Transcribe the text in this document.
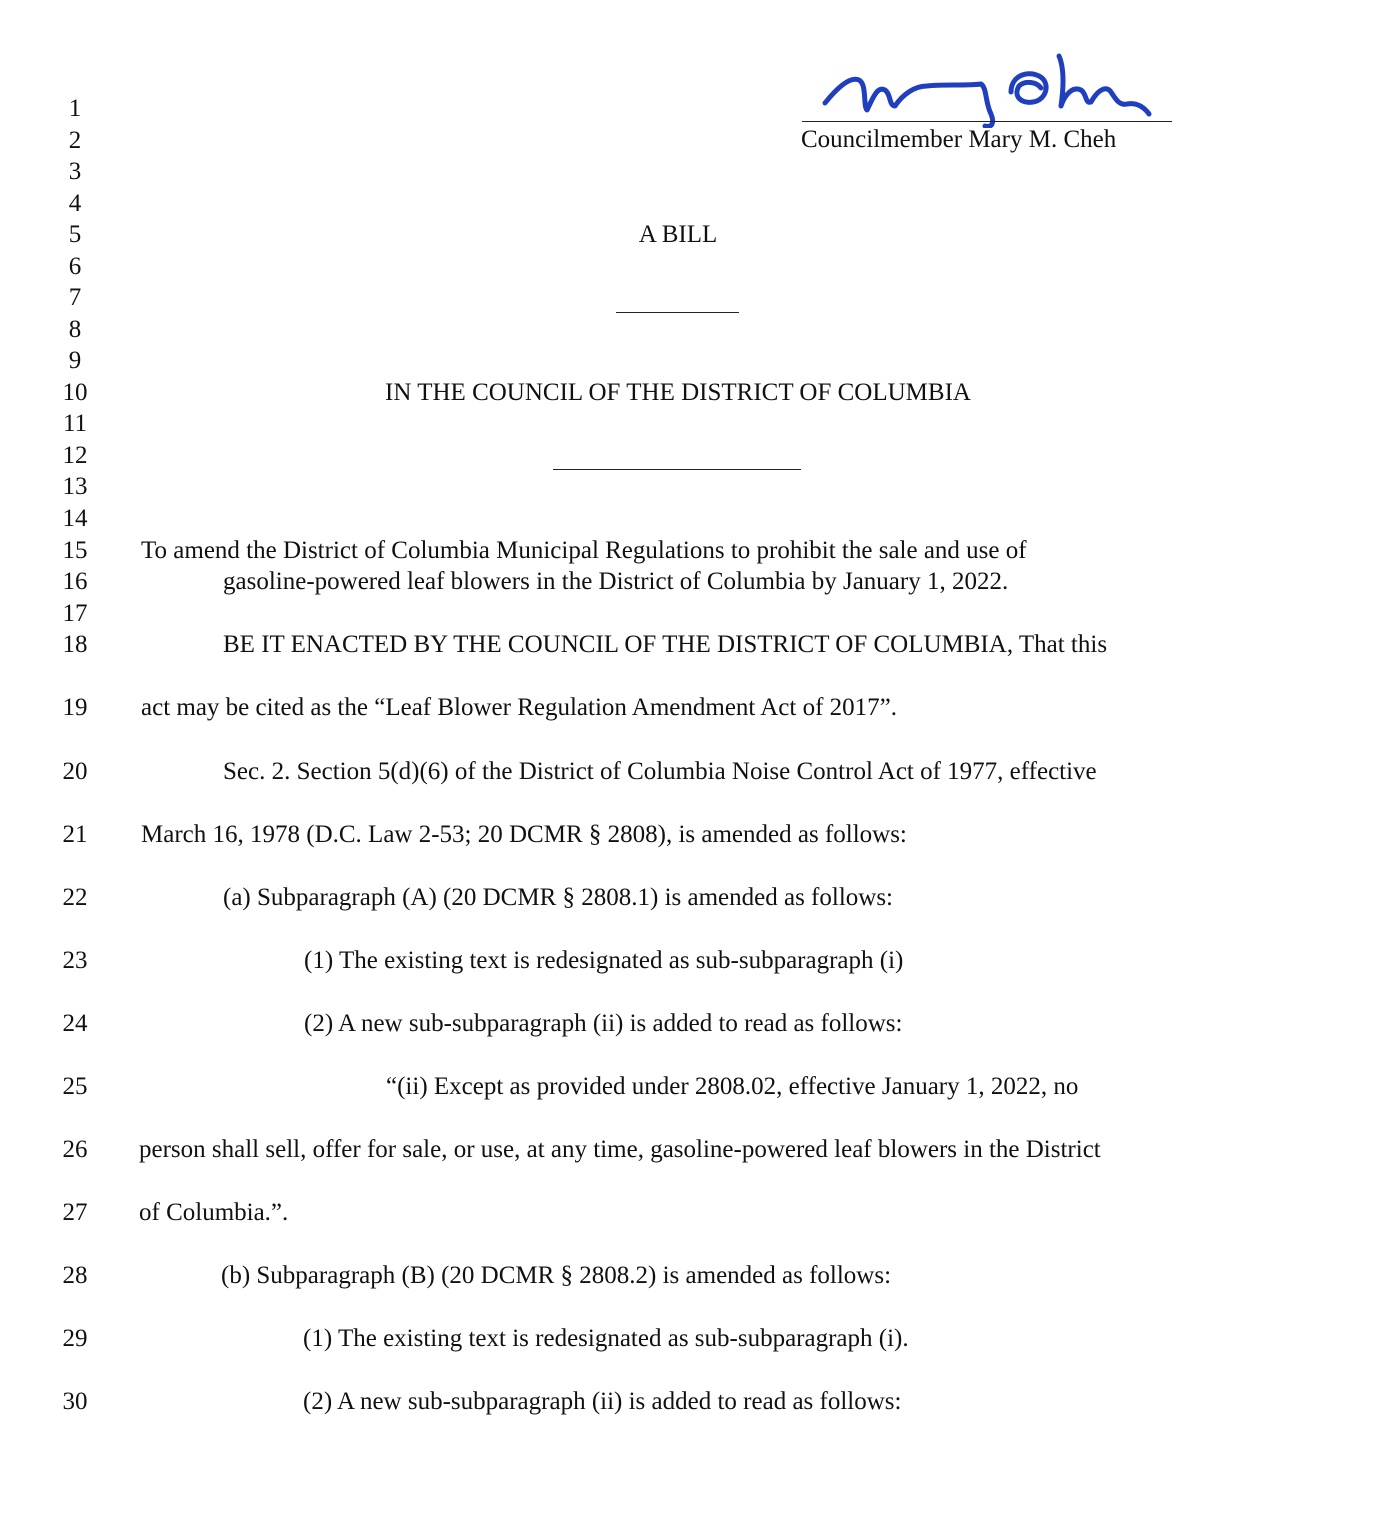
Councilmember Mary M. Cheh
1
2
3
4
5
6
7
8
9
10
11
12
13
14
15
16
17
18
19
20
21
22
23
24
25
26
27
28
29
30
A BILL
IN THE COUNCIL OF THE DISTRICT OF COLUMBIA
To amend the District of Columbia Municipal Regulations to prohibit the sale and use of
gasoline-powered leaf blowers in the District of Columbia by January 1, 2022.
BE IT ENACTED BY THE COUNCIL OF THE DISTRICT OF COLUMBIA, That this
act may be cited as the “Leaf Blower Regulation Amendment Act of 2017”.
Sec. 2. Section 5(d)(6) of the District of Columbia Noise Control Act of 1977, effective
March 16, 1978 (D.C. Law 2-53; 20 DCMR § 2808), is amended as follows:
(a) Subparagraph (A) (20 DCMR § 2808.1) is amended as follows:
(1) The existing text is redesignated as sub-subparagraph (i)
(2) A new sub-subparagraph (ii) is added to read as follows:
“(ii) Except as provided under 2808.02, effective January 1, 2022, no
person shall sell, offer for sale, or use, at any time, gasoline-powered leaf blowers in the District
of Columbia.”.
(b) Subparagraph (B) (20 DCMR § 2808.2) is amended as follows:
(1) The existing text is redesignated as sub-subparagraph (i).
(2) A new sub-subparagraph (ii) is added to read as follows:
